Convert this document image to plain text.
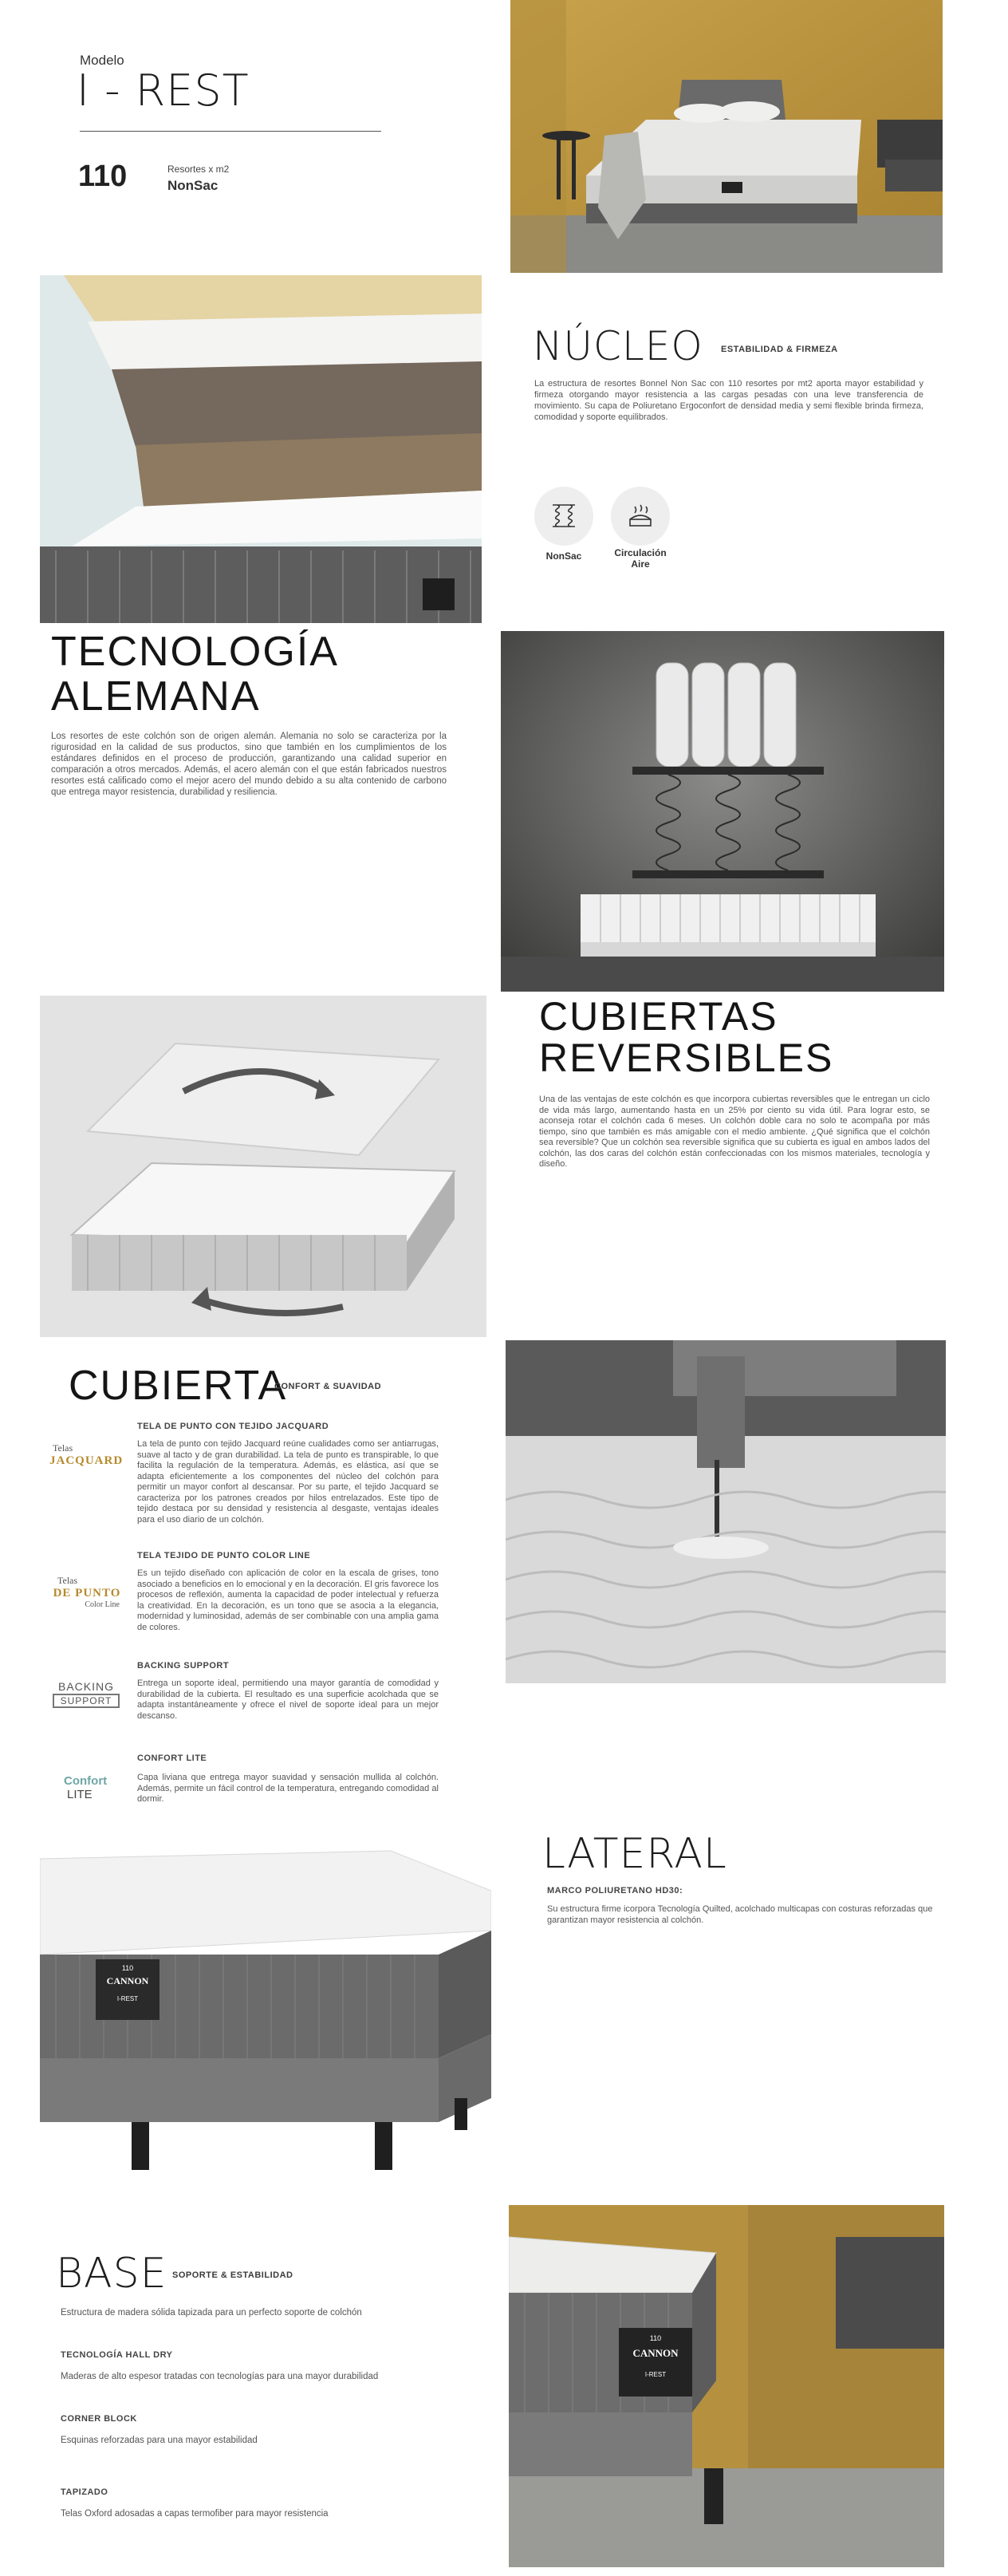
Modelo
I - REST
110	Resortes x m2
NonSac
NÚCLEO ESTABILIDAD & FIRMEZA
La estructura de resortes Bonnel Non Sac con 110 resortes por mt2 aporta mayor estabilidad y firmeza otorgando mayor resistencia a las cargas pesadas con una leve transferencia de movimiento. Su capa de Poliuretano Ergoconfort de densidad media y semi flexible brinda firmeza, comodidad y soporte equilibrados.
NonSac	Circulación Aire
TECNOLOGÍA
ALEMANA
Los resortes de este colchón son de origen alemán. Alemania no solo se caracteriza por la rigurosidad en la calidad de sus productos, sino que también en los cumplimientos de los estándares definidos en el proceso de producción, garantizando una calidad superior en comparación a otros mercados. Además, el acero alemán con el que están fabricados nuestros resortes está calificado como el mejor acero del mundo debido a su alta contenido de carbono que entrega mayor resistencia, durabilidad y resiliencia.
CUBIERTAS
REVERSIBLES
Una de las ventajas de este colchón es que incorpora cubiertas reversibles que le entregan un ciclo de vida más largo, aumentando hasta en un 25% por ciento su vida útil. Para lograr esto, se aconseja rotar el colchón cada 6 meses. Un colchón doble cara no solo te acompaña por más tiempo, sino que también es más amigable con el medio ambiente. ¿Qué significa que el colchón sea reversible? Que un colchón sea reversible significa que su cubierta es igual en ambos lados del colchón, las dos caras del colchón están confeccionadas con los mismos materiales, tecnología y diseño.
CUBIERTA
CONFORT & SUAVIDAD
Telas
JACQUARD
TELA DE PUNTO CON TEJIDO JACQUARD
La tela de punto con tejido Jacquard reúne cualidades como ser antiarrugas, suave al tacto y de gran durabilidad. La tela de punto es transpirable, lo que facilita la regulación de la temperatura. Además, es elástica, así que se adapta eficientemente a los componentes del núcleo del colchón para permitir un mayor confort al descansar. Por su parte, el tejido Jacquard se caracteriza por los patrones creados por hilos entrelazados. Este tipo de tejido destaca por su densidad y resistencia al desgaste, ventajas ideales para el uso diario de un colchón.
Telas
DE PUNTO
Color Line
TELA TEJIDO DE PUNTO COLOR LINE
Es un tejido diseñado con aplicación de color en la escala de grises, tono asociado a beneficios en lo emocional y en la decoración. El gris favorece los procesos de reflexión, aumenta la capacidad de poder intelectual y refuerza la creatividad. En la decoración, es un tono que se asocia a la elegancia, modernidad y luminosidad, además de ser combinable con una amplia gama de colores.
BACKING
SUPPORT
BACKING SUPPORT
Entrega un soporte ideal, permitiendo una mayor garantía de comodidad y durabilidad de la cubierta. El resultado es una superficie acolchada que se adapta instantáneamente y ofrece el nivel de soporte ideal para un mejor descanso.
Confort
LITE
CONFORT LITE
Capa liviana que entrega mayor suavidad y sensación mullida al colchón. Además, permite un fácil control de la temperatura, entregando comodidad al dormir.
110
CANNON
I-REST
LATERAL
MARCO POLIURETANO HD30:
Su estructura firme icorpora Tecnología Quilted, acolchado multicapas con costuras reforzadas que garantizan mayor resistencia al colchón.
BASE SOPORTE & ESTABILIDAD
Estructura de madera sólida tapizada para un perfecto soporte de colchón
TECNOLOGÍA HALL DRY
Maderas de alto espesor tratadas con tecnologías para una mayor durabilidad
CORNER BLOCK
Esquinas reforzadas para una mayor estabilidad
TAPIZADO
Telas Oxford adosadas a capas termofiber para mayor resistencia
110
CANNON
I-REST
